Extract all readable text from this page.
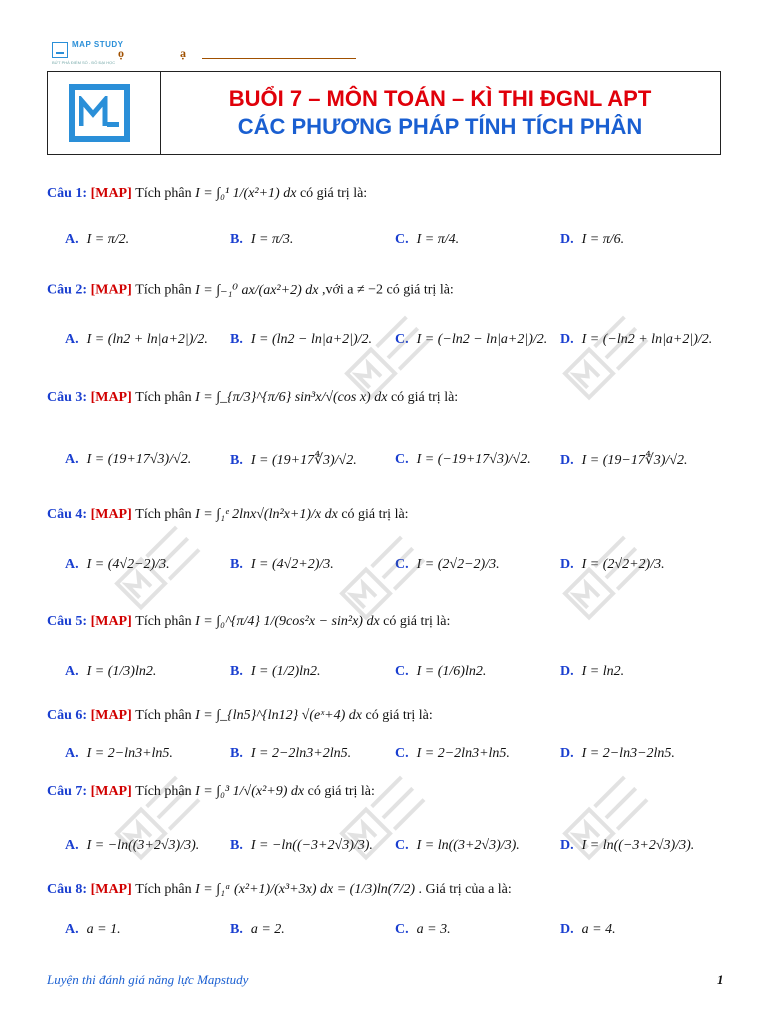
MAP STUDY
BỨT PHÁ ĐIỂM SỐ - ĐỖ ĐẠI HỌC
ọ	ạ
BUỔI 7 – MÔN TOÁN – KÌ THI ĐGNL APT
CÁC PHƯƠNG PHÁP TÍNH TÍCH PHÂN
Câu 1: [MAP] Tích phân I = ∫₀¹ 1/(x²+1) dx có giá trị là:
A. I = π/2.	B. I = π/3.	C. I = π/4.	D. I = π/6.
Câu 2: [MAP] Tích phân I = ∫₋₁⁰ ax/(ax²+2) dx ,với a ≠ −2 có giá trị là:
A. I = (ln2 + ln|a+2|)/2. B. I = (ln2 − ln|a+2|)/2. C. I = (−ln2 − ln|a+2|)/2. D. I = (−ln2 + ln|a+2|)/2.
Câu 3: [MAP] Tích phân I = ∫_{π/3}^{π/6} sin³x/√(cos x) dx có giá trị là:
A. I = (19+17√3)/√2.	B. I = (19+17∜3)/√2.	C. I = (−19+17√3)/√2. D. I = (19−17∜3)/√2.
Câu 4: [MAP] Tích phân I = ∫₁ᵉ 2lnx√(ln²x+1)/x dx có giá trị là:
A. I = (4√2−2)/3.	B. I = (4√2+2)/3.	C. I = (2√2−2)/3.	D. I = (2√2+2)/3.
Câu 5: [MAP] Tích phân I = ∫₀^{π/4} 1/(9cos²x − sin²x) dx có giá trị là:
A. I = (1/3)ln2.	B. I = (1/2)ln2.	C. I = (1/6)ln2.	D. I = ln2.
Câu 6: [MAP] Tích phân I = ∫_{ln5}^{ln12} √(eˣ+4) dx có giá trị là:
A. I = 2−ln3+ln5.	B. I = 2−2ln3+2ln5.	C. I = 2−2ln3+ln5.	D. I = 2−ln3−2ln5.
Câu 7: [MAP] Tích phân I = ∫₀³ 1/√(x²+9) dx có giá trị là:
A. I = −ln((3+2√3)/3). B. I = −ln((−3+2√3)/3). C. I = ln((3+2√3)/3).	D. I = ln((−3+2√3)/3).
Câu 8: [MAP] Tích phân I = ∫₁ᵃ (x²+1)/(x³+3x) dx = (1/3)ln(7/2) . Giá trị của a là:
A. a = 1.	B. a = 2.	C. a = 3.	D. a = 4.
Luyện thi đánh giá năng lực Mapstudy	1
